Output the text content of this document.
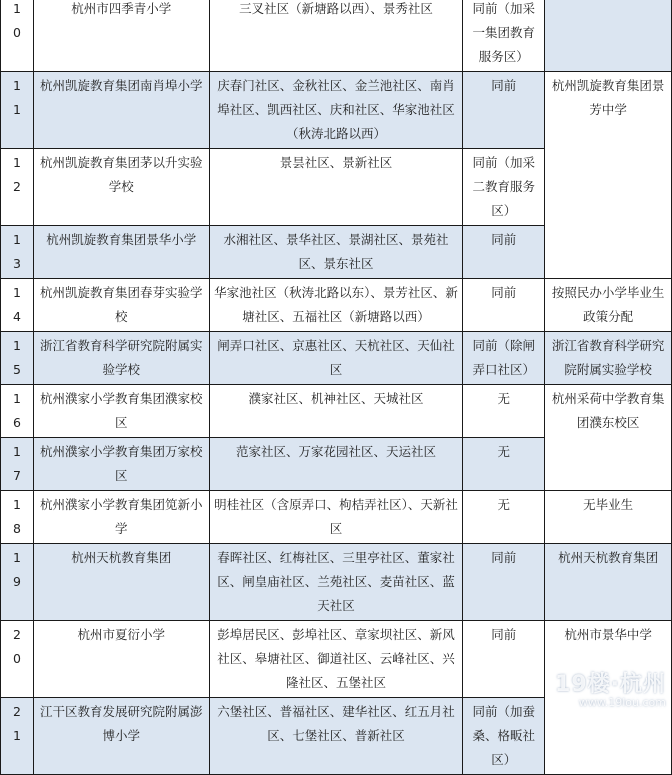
1
0	杭州市四季青小学	三叉社区（新塘路以西）、景秀社区	同前（加采一集团教育服务区）	

1
1	杭州凯旋教育集团南肖埠小学	庆春门社区、金秋社区、金兰池社区、南肖埠社区、凯西社区、庆和社区、华家池社区（秋涛北路以西）	同前	杭州凯旋教育集团景芳中学

1
2	杭州凯旋教育集团茅以升实验学校	景昙社区、景新社区	同前（加采二教育服务区）	

1
3	杭州凯旋教育集团景华小学	水湘社区、景华社区、景湖社区、景苑社区、景东社区	同前	

1
4	杭州凯旋教育集团春芽实验学校	华家池社区（秋涛北路以东）、景芳社区、新塘社区、五福社区（新塘路以西）	同前	按照民办小学毕业生政策分配

1
5	浙江省教育科学研究院附属实验学校	闸弄口社区、京惠社区、天杭社区、天仙社区	同前（除闸弄口社区）	浙江省教育科学研究院附属实验学校

1
6	杭州濮家小学教育集团濮家校区	濮家社区、机神社区、天城社区	无	杭州采荷中学教育集团濮东校区

1
7	杭州濮家小学教育集团万家校区	范家社区、万家花园社区、天运社区	无	

1
8	杭州濮家小学教育集团笕新小学	明桂社区（含原弄口、枸桔弄社区）、天新社区	无	无毕业生

1
9	杭州天杭教育集团	春晖社区、红梅社区、三里亭社区、董家社区、闸皇庙社区、兰苑社区、麦苗社区、蓝天社区	同前	杭州天杭教育集团

2
0	杭州市夏衍小学	彭埠居民区、彭埠社区、章家坝社区、新风社区、皋塘社区、御道社区、云峰社区、兴隆社区、五堡社区	同前	杭州市景华中学

2
1	江干区教育发展研究院附属澎博小学	六堡社区、普福社区、建华社区、红五月社区、七堡社区、普新社区	同前（加蚕桑、格畈社区）	
19楼·杭州
www.19lou.com
